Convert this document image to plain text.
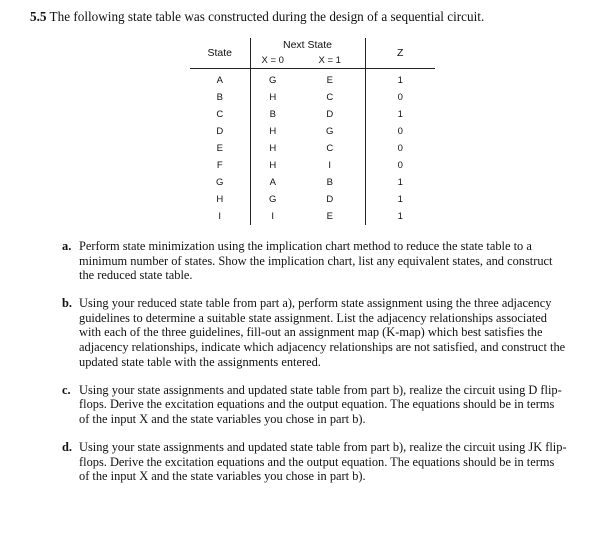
5.5 The following state table was constructed during the design of a sequential circuit.
State	Next State		Z
	X = 0	X = 1	
A	G	E	1
B	H	C	0
C	B	D	1
D	H	G	0
E	H	C	0
F	H	I	0
G	A	B	1
H	G	D	1
I	I	E	1
a. Perform state minimization using the implication chart method to reduce the state table to a minimum number of states. Show the implication chart, list any equivalent states, and construct the reduced state table.
b. Using your reduced state table from part a), perform state assignment using the three adjacency guidelines to determine a suitable state assignment. List the adjacency relationships associated with each of the three guidelines, fill-out an assignment map (K-map) which best satisfies the adjacency relationships, indicate which adjacency relationships are not satisfied, and construct the updated state table with the assignments entered.
c. Using your state assignments and updated state table from part b), realize the circuit using D flip-flops. Derive the excitation equations and the output equation. The equations should be in terms of the input X and the state variables you chose in part b).
d. Using your state assignments and updated state table from part b), realize the circuit using JK flip-flops. Derive the excitation equations and the output equation. The equations should be in terms of the input X and the state variables you chose in part b).
